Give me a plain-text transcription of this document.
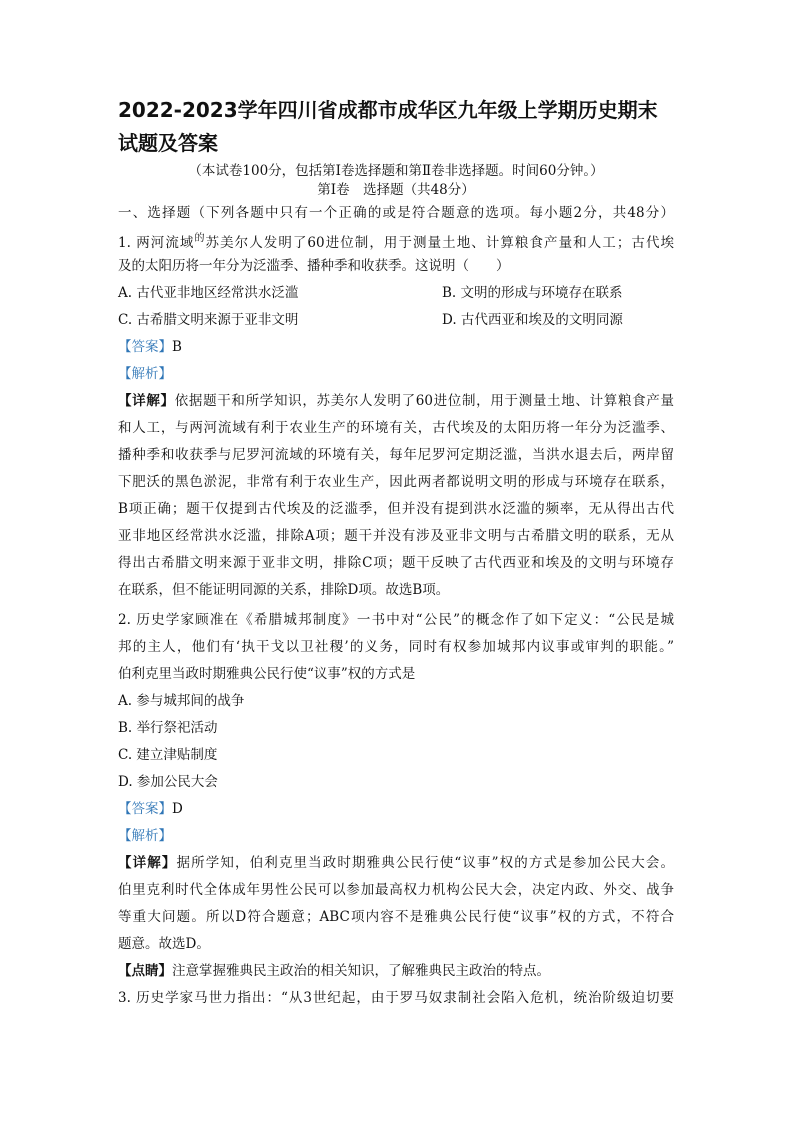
2022-2023学年四川省成都市成华区九年级上学期历史期末
试题及答案
（本试卷100分，包括第Ⅰ卷选择题和第Ⅱ卷非选择题。时间60分钟。）
第Ⅰ卷　选择题（共48分）
一、选择题（下列各题中只有一个正确的或是符合题意的选项。每小题2分，共48分）
1. 两河流域$^的$苏美尔人发明了60进位制，用于测量土地、计算粮食产量和人工；古代埃
及的太阳历将一年分为泛滥季、播种季和收获季。这说明（　　）
A. 古代亚非地区经常洪水泛滥	B. 文明的形成与环境存在联系
C. 古希腊文明来源于亚非文明	D. 古代西亚和埃及的文明同源
【答案】B
【解析】
【详解】依据题干和所学知识，苏美尔人发明了60进位制，用于测量土地、计算粮食产量
和人工，与两河流域有利于农业生产的环境有关，古代埃及的太阳历将一年分为泛滥季、
播种季和收获季与尼罗河流域的环境有关，每年尼罗河定期泛滥，当洪水退去后，两岸留
下肥沃的黑色淤泥，非常有利于农业生产，因此两者都说明文明的形成与环境存在联系，
B项正确；题干仅提到古代埃及的泛滥季，但并没有提到洪水泛滥的频率，无从得出古代
亚非地区经常洪水泛滥，排除A项；题干并没有涉及亚非文明与古希腊文明的联系，无从
得出古希腊文明来源于亚非文明，排除C项；题干反映了古代西亚和埃及的文明与环境存
在联系，但不能证明同源的关系，排除D项。故选B项。
2. 历史学家顾准在《希腊城邦制度》一书中对“公民”的概念作了如下定义：“公民是城
邦的主人，他们有‘执干戈以卫社稷’的义务，同时有权参加城邦内议事或审判的职能。”
伯利克里当政时期雅典公民行使“议事”权的方式是
A. 参与城邦间的战争
B. 举行祭祀活动
C. 建立津贴制度
D. 参加公民大会
【答案】D
【解析】
【详解】据所学知，伯利克里当政时期雅典公民行使“议事”权的方式是参加公民大会。
伯里克利时代全体成年男性公民可以参加最高权力机构公民大会，决定内政、外交、战争
等重大问题。所以D符合题意；ABC项内容不是雅典公民行使“议事”权的方式，不符合
题意。故选D。
【点睛】注意掌握雅典民主政治的相关知识，了解雅典民主政治的特点。
3. 历史学家马世力指出：“从3世纪起，由于罗马奴隶制社会陷入危机，统治阶级迫切要
